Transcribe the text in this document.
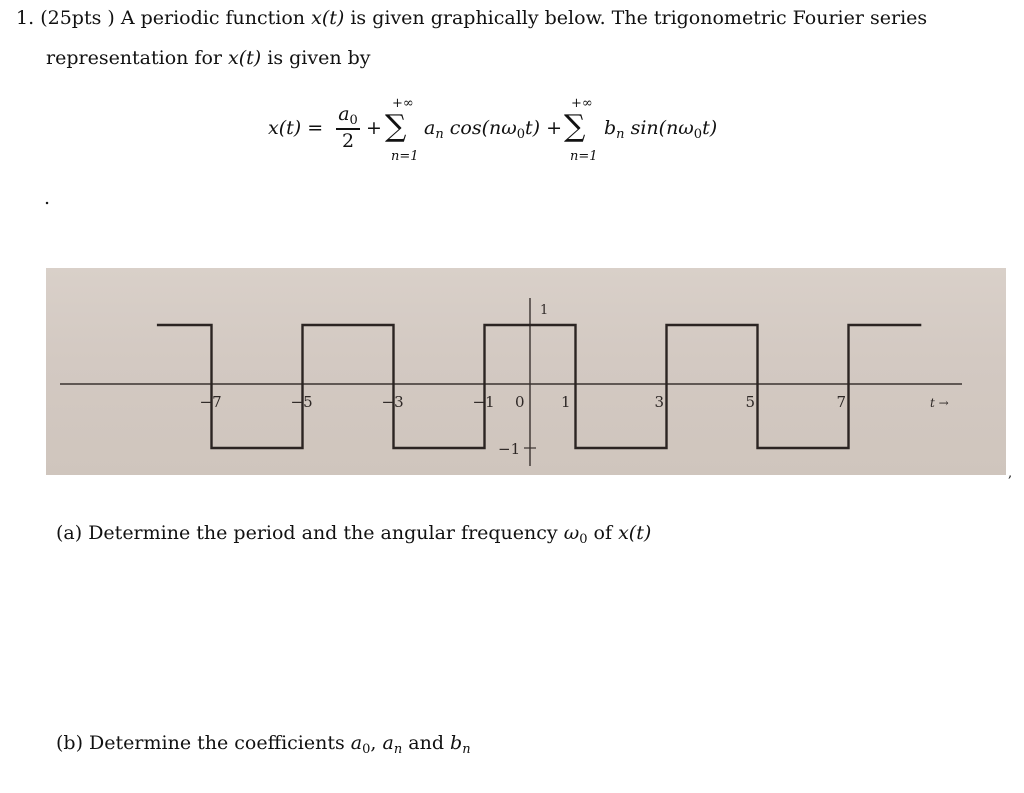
1. (25pts ) A periodic function x(t) is given graphically below. The trigonometric Fourier series
representation for x(t) is given by
x(t) =
$a_0$
2
+
+∞
∑
n=1
$a_n$ $\cos(n\omega_0t)$ +
+∞
∑
n=1
$b_n$ $\sin(n\omega_0t)$
.
−7	−5	−3	−1 0 1	3	5	7
1
−1
t →
,
(a) Determine the period and the angular frequency $\omega_0$ of x(t)
(b) Determine the coefficients $a_0$, $a_n$ and $b_n$
